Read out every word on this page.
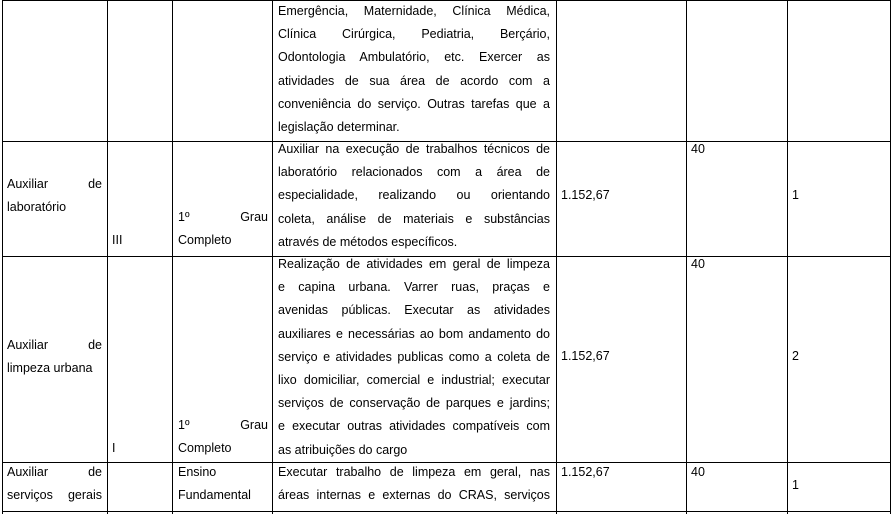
Emergência, Maternidade, Clínica Médica,
Clínica Cirúrgica, Pediatria, Berçário,
Odontologia Ambulatório, etc. Exercer as
atividades de sua área de acordo com a
conveniência do serviço. Outras tarefas que a
legislação determinar.
Auxiliar de
laboratório
III
1º Grau
Completo
Auxiliar na execução de trabalhos técnicos de
laboratório relacionados com a área de
especialidade, realizando ou orientando
coleta, análise de materiais e substâncias
através de métodos específicos.
1.152,67
40
1
Auxiliar de
limpeza urbana
I
1º Grau
Completo
Realização de atividades em geral de limpeza
e capina urbana. Varrer ruas, praças e
avenidas públicas. Executar as atividades
auxiliares e necessárias ao bom andamento do
serviço e atividades publicas como a coleta de
lixo domiciliar, comercial e industrial; executar
serviços de conservação de parques e jardins;
e executar outras atividades compatíveis com
as atribuições do cargo
1.152,67
40
2
Auxiliar de
serviços gerais
Ensino
Fundamental
Executar trabalho de limpeza em geral, nas
áreas internas e externas do CRAS, serviços
1.152,67	40
1
